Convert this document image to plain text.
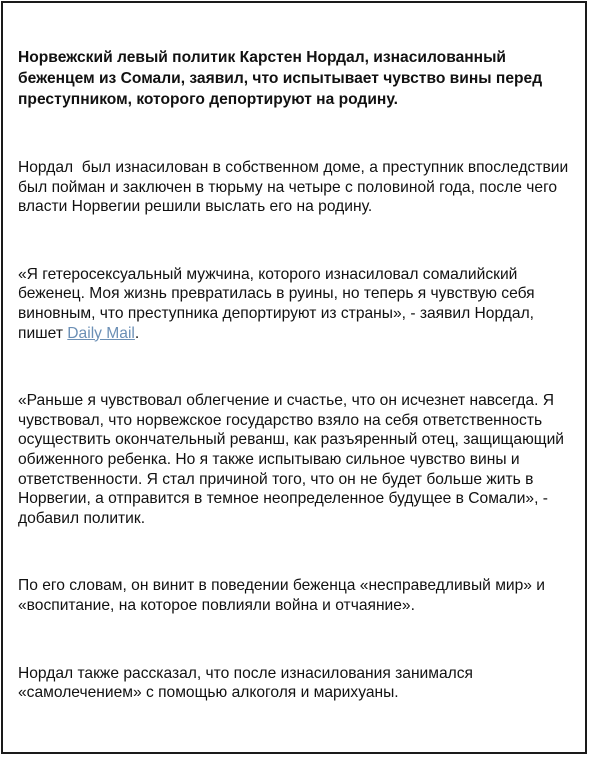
Норвежский левый политик Карстен Нордал, изнасилованный беженцем из Сомали, заявил, что испытывает чувство вины перед преступником, которого депортируют на родину.

Нордал  был изнасилован в собственном доме, а преступник впоследствии был пойман и заключен в тюрьму на четыре с половиной года, после чего власти Норвегии решили выслать его на родину.

«Я гетеросексуальный мужчина, которого изнасиловал сомалийский беженец. Моя жизнь превратилась в руины, но теперь я чувствую себя виновным, что преступника депортируют из страны», - заявил Нордал, пишет Daily Mail.

«Раньше я чувствовал облегчение и счастье, что он исчезнет навсегда. Я чувствовал, что норвежское государство взяло на себя ответственность осуществить окончательный реванш, как разъяренный отец, защищающий обиженного ребенка. Но я также испытываю сильное чувство вины и ответственности. Я стал причиной того, что он не будет больше жить в Норвегии, а отправится в темное неопределенное будущее в Сомали», - добавил политик.

По его словам, он винит в поведении беженца «несправедливый мир» и «воспитание, на которое повлияли война и отчаяние».

Нордал также рассказал, что после изнасилования занимался «самолечением» с помощью алкоголя и марихуаны.
